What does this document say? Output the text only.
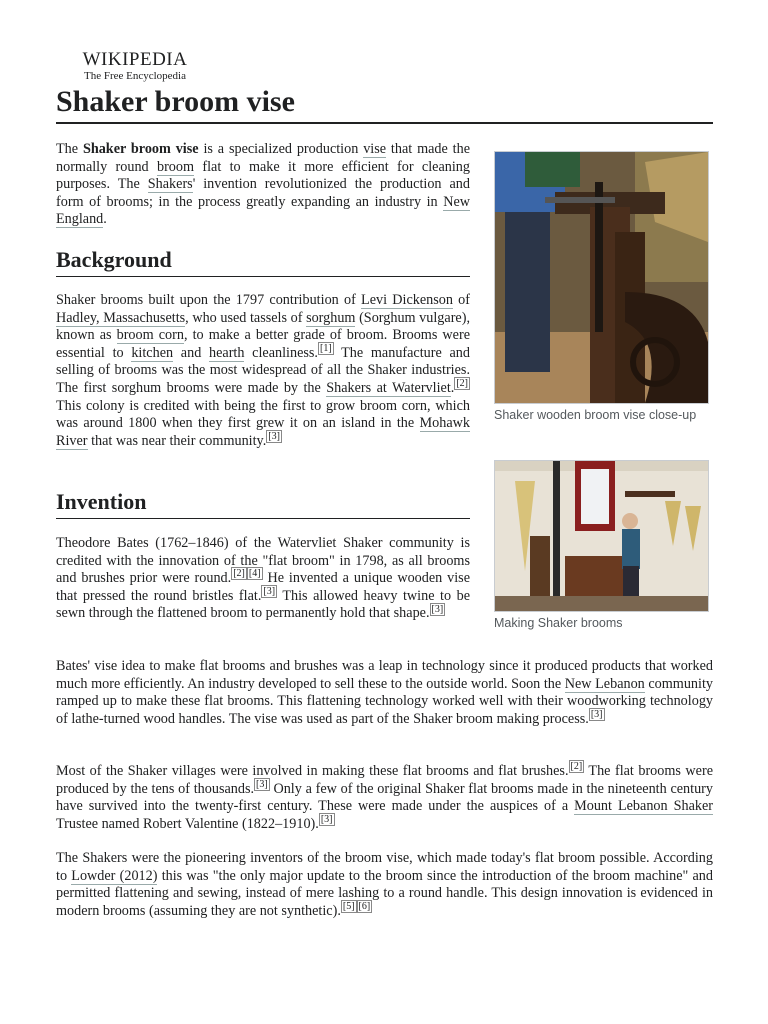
WIKIPEDIA
The Free Encyclopedia
Shaker broom vise

The Shaker broom vise is a specialized production vise that made the normally round broom flat to make it more efficient for cleaning purposes. The Shakers' invention revolutionized the production and form of brooms; in the process greatly expanding an industry in New England.

Background

Shaker brooms built upon the 1797 contribution of Levi Dickenson of Hadley, Massachusetts, who used tassels of sorghum (Sorghum vulgare), known as broom corn, to make a better grade of broom. Brooms were essential to kitchen and hearth cleanliness. [1] The manufacture and selling of brooms was the most widespread of all the Shaker industries. The first sorghum brooms were made by the Shakers at Watervliet. [2] This colony is credited with being the first to grow broom corn, which was around 1800 when they first grew it on an island in the Mohawk River that was near their community. [3]

Invention

Theodore Bates (1762–1846) of the Watervliet Shaker community is credited with the innovation of the "flat broom" in 1798, as all brooms and brushes prior were round. [2] [4] He invented a unique wooden vise that pressed the round bristles flat. [3] This allowed heavy twine to be sewn through the flattened broom to permanently hold that shape. [3]

Bates' vise idea to make flat brooms and brushes was a leap in technology since it produced products that worked much more efficiently. An industry developed to sell these to the outside world. Soon the New Lebanon community ramped up to make these flat brooms. This flattening technology worked well with their woodworking technology of lathe-turned wood handles. The vise was used as part of the Shaker broom making process. [3]

Most of the Shaker villages were involved in making these flat brooms and flat brushes. [2] The flat brooms were produced by the tens of thousands. [3] Only a few of the original Shaker flat brooms made in the nineteenth century have survived into the twenty-first century. These were made under the auspices of a Mount Lebanon Shaker Trustee named Robert Valentine (1822–1910). [3]

The Shakers were the pioneering inventors of the broom vise, which made today's flat broom possible. According to Lowder (2012) this was "the only major update to the broom since the introduction of the broom machine" and permitted flattening and sewing, instead of mere lashing to a round handle. This design innovation is evidenced in modern brooms (assuming they are not synthetic). [5] [6]

Shaker wooden broom vise close-up
Making Shaker brooms
